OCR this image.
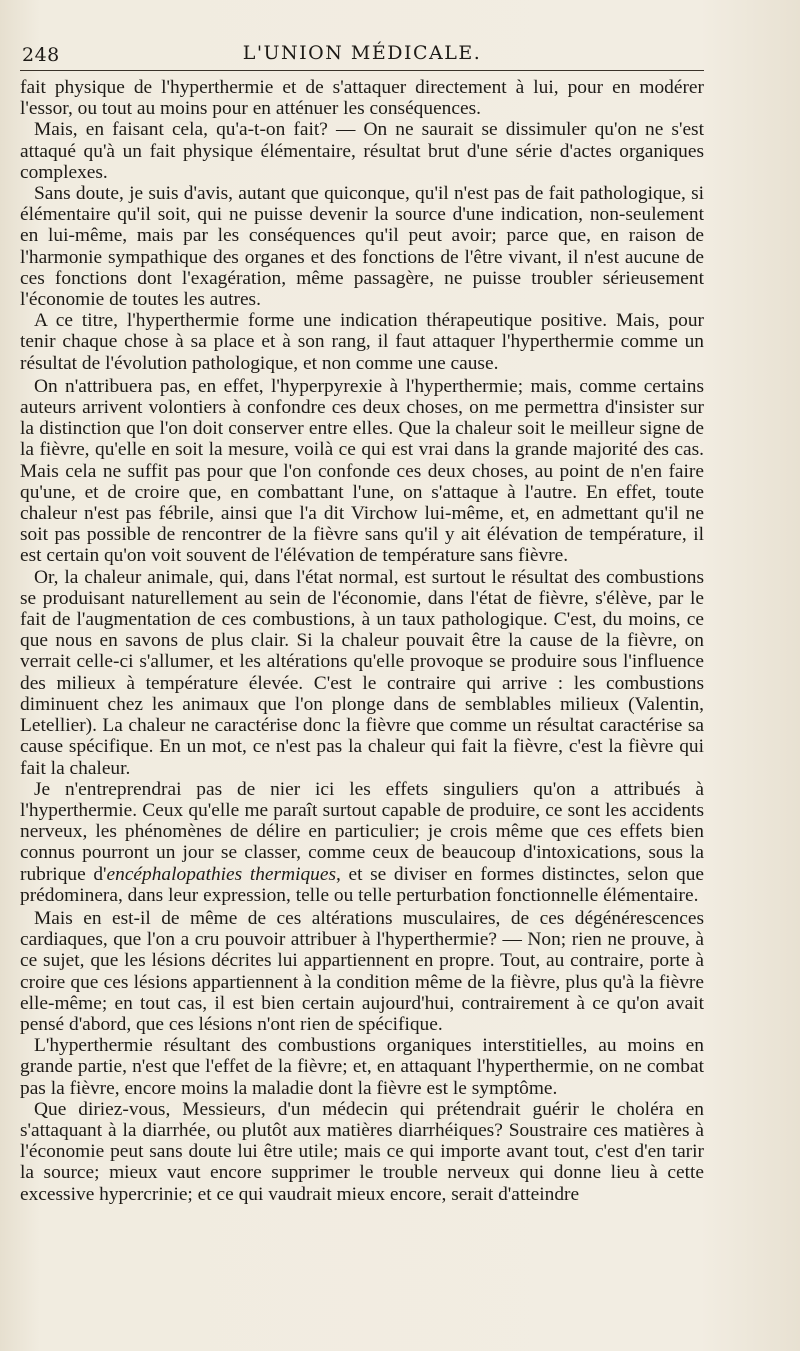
248	L'UNION MÉDICALE.

fait physique de l'hyperthermie et de s'attaquer directement à lui, pour en modérer l'essor, ou tout au moins pour en atténuer les conséquences.

Mais, en faisant cela, qu'a-t-on fait? — On ne saurait se dissimuler qu'on ne s'est attaqué qu'à un fait physique élémentaire, résultat brut d'une série d'actes organiques complexes.

Sans doute, je suis d'avis, autant que quiconque, qu'il n'est pas de fait pathologique, si élémentaire qu'il soit, qui ne puisse devenir la source d'une indication, non-seulement en lui-même, mais par les conséquences qu'il peut avoir; parce que, en raison de l'harmonie sympathique des organes et des fonctions de l'être vivant, il n'est aucune de ces fonctions dont l'exagération, même passagère, ne puisse troubler sérieusement l'économie de toutes les autres.

A ce titre, l'hyperthermie forme une indication thérapeutique positive. Mais, pour tenir chaque chose à sa place et à son rang, il faut attaquer l'hyperthermie comme un résultat de l'évolution pathologique, et non comme une cause.

On n'attribuera pas, en effet, l'hyperpyrexie à l'hyperthermie; mais, comme certains auteurs arrivent volontiers à confondre ces deux choses, on me permettra d'insister sur la distinction que l'on doit conserver entre elles. Que la chaleur soit le meilleur signe de la fièvre, qu'elle en soit la mesure, voilà ce qui est vrai dans la grande majorité des cas. Mais cela ne suffit pas pour que l'on confonde ces deux choses, au point de n'en faire qu'une, et de croire que, en combattant l'une, on s'attaque à l'autre. En effet, toute chaleur n'est pas fébrile, ainsi que l'a dit Virchow lui-même, et, en admettant qu'il ne soit pas possible de rencontrer de la fièvre sans qu'il y ait élévation de température, il est certain qu'on voit souvent de l'élévation de température sans fièvre.

Or, la chaleur animale, qui, dans l'état normal, est surtout le résultat des combustions se produisant naturellement au sein de l'économie, dans l'état de fièvre, s'élève, par le fait de l'augmentation de ces combustions, à un taux pathologique. C'est, du moins, ce que nous en savons de plus clair. Si la chaleur pouvait être la cause de la fièvre, on verrait celle-ci s'allumer, et les altérations qu'elle provoque se produire sous l'influence des milieux à température élevée. C'est le contraire qui arrive : les combustions diminuent chez les animaux que l'on plonge dans de semblables milieux (Valentin, Letellier). La chaleur ne caractérise donc la fièvre que comme un résultat caractérise sa cause spécifique. En un mot, ce n'est pas la chaleur qui fait la fièvre, c'est la fièvre qui fait la chaleur.

Je n'entreprendrai pas de nier ici les effets singuliers qu'on a attribués à l'hyperthermie. Ceux qu'elle me paraît surtout capable de produire, ce sont les accidents nerveux, les phénomènes de délire en particulier; je crois même que ces effets bien connus pourront un jour se classer, comme ceux de beaucoup d'intoxications, sous la rubrique d'encéphalopathies thermiques, et se diviser en formes distinctes, selon que prédominera, dans leur expression, telle ou telle perturbation fonctionnelle élémentaire.

Mais en est-il de même de ces altérations musculaires, de ces dégénérescences cardiaques, que l'on a cru pouvoir attribuer à l'hyperthermie? — Non; rien ne prouve, à ce sujet, que les lésions décrites lui appartiennent en propre. Tout, au contraire, porte à croire que ces lésions appartiennent à la condition même de la fièvre, plus qu'à la fièvre elle-même; en tout cas, il est bien certain aujourd'hui, contrairement à ce qu'on avait pensé d'abord, que ces lésions n'ont rien de spécifique.

L'hyperthermie résultant des combustions organiques interstitielles, au moins en grande partie, n'est que l'effet de la fièvre; et, en attaquant l'hyperthermie, on ne combat pas la fièvre, encore moins la maladie dont la fièvre est le symptôme.

Que diriez-vous, Messieurs, d'un médecin qui prétendrait guérir le choléra en s'attaquant à la diarrhée, ou plutôt aux matières diarrhéiques? Soustraire ces matières à l'économie peut sans doute lui être utile; mais ce qui importe avant tout, c'est d'en tarir la source; mieux vaut encore supprimer le trouble nerveux qui donne lieu à cette excessive hypercrinie; et ce qui vaudrait mieux encore, serait d'atteindre
